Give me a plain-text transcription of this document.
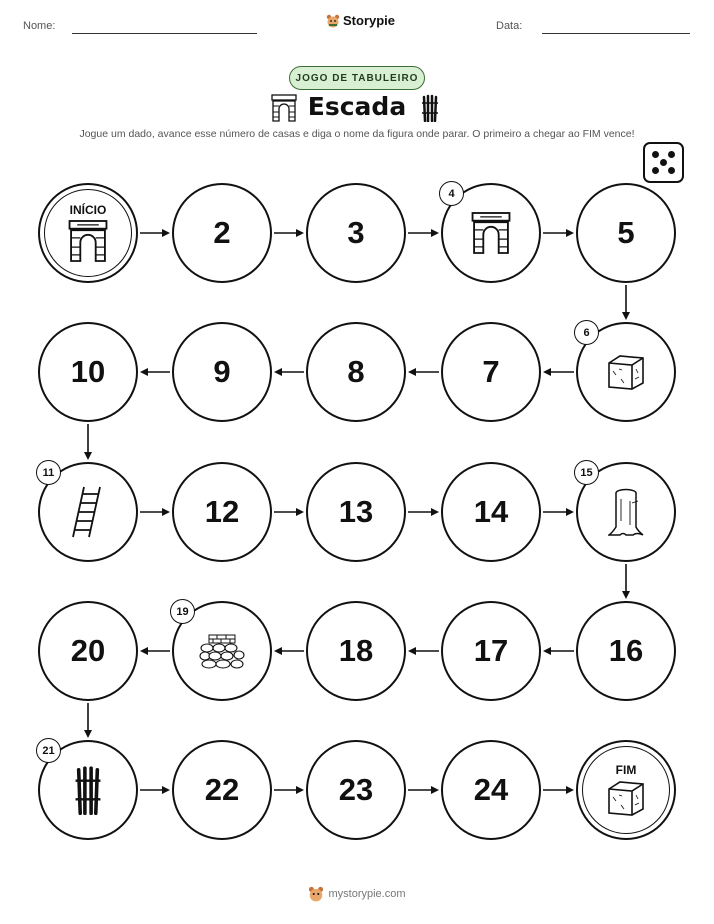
Nome:	Storypie	Data:
JOGO DE TABULEIRO
Escada
Jogue um dado, avance esse número de casas e diga o nome da figura onde parar. O primeiro a chegar ao FIM vence!
INÍCIO
2	3
4
5
6
7
8
9
10
11
12	13	14
15
16
17
18
19
20
21
22	23	24
FIM
mystorypie.com
